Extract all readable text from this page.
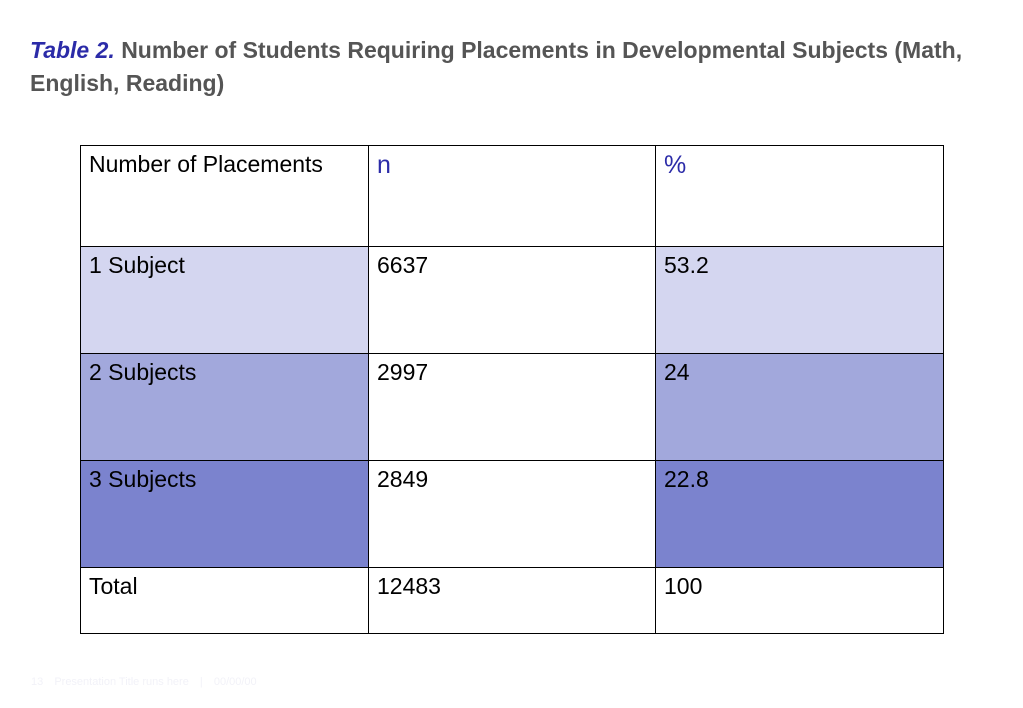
Table 2. Number of Students Requiring Placements in Developmental Subjects (Math, English, Reading)
Number of Placements	n	%
1 Subject	6637	53.2
2 Subjects	2997	24
3 Subjects	2849	22.8
Total	12483	100
13 Presentation Title runs here | 00/00/00
